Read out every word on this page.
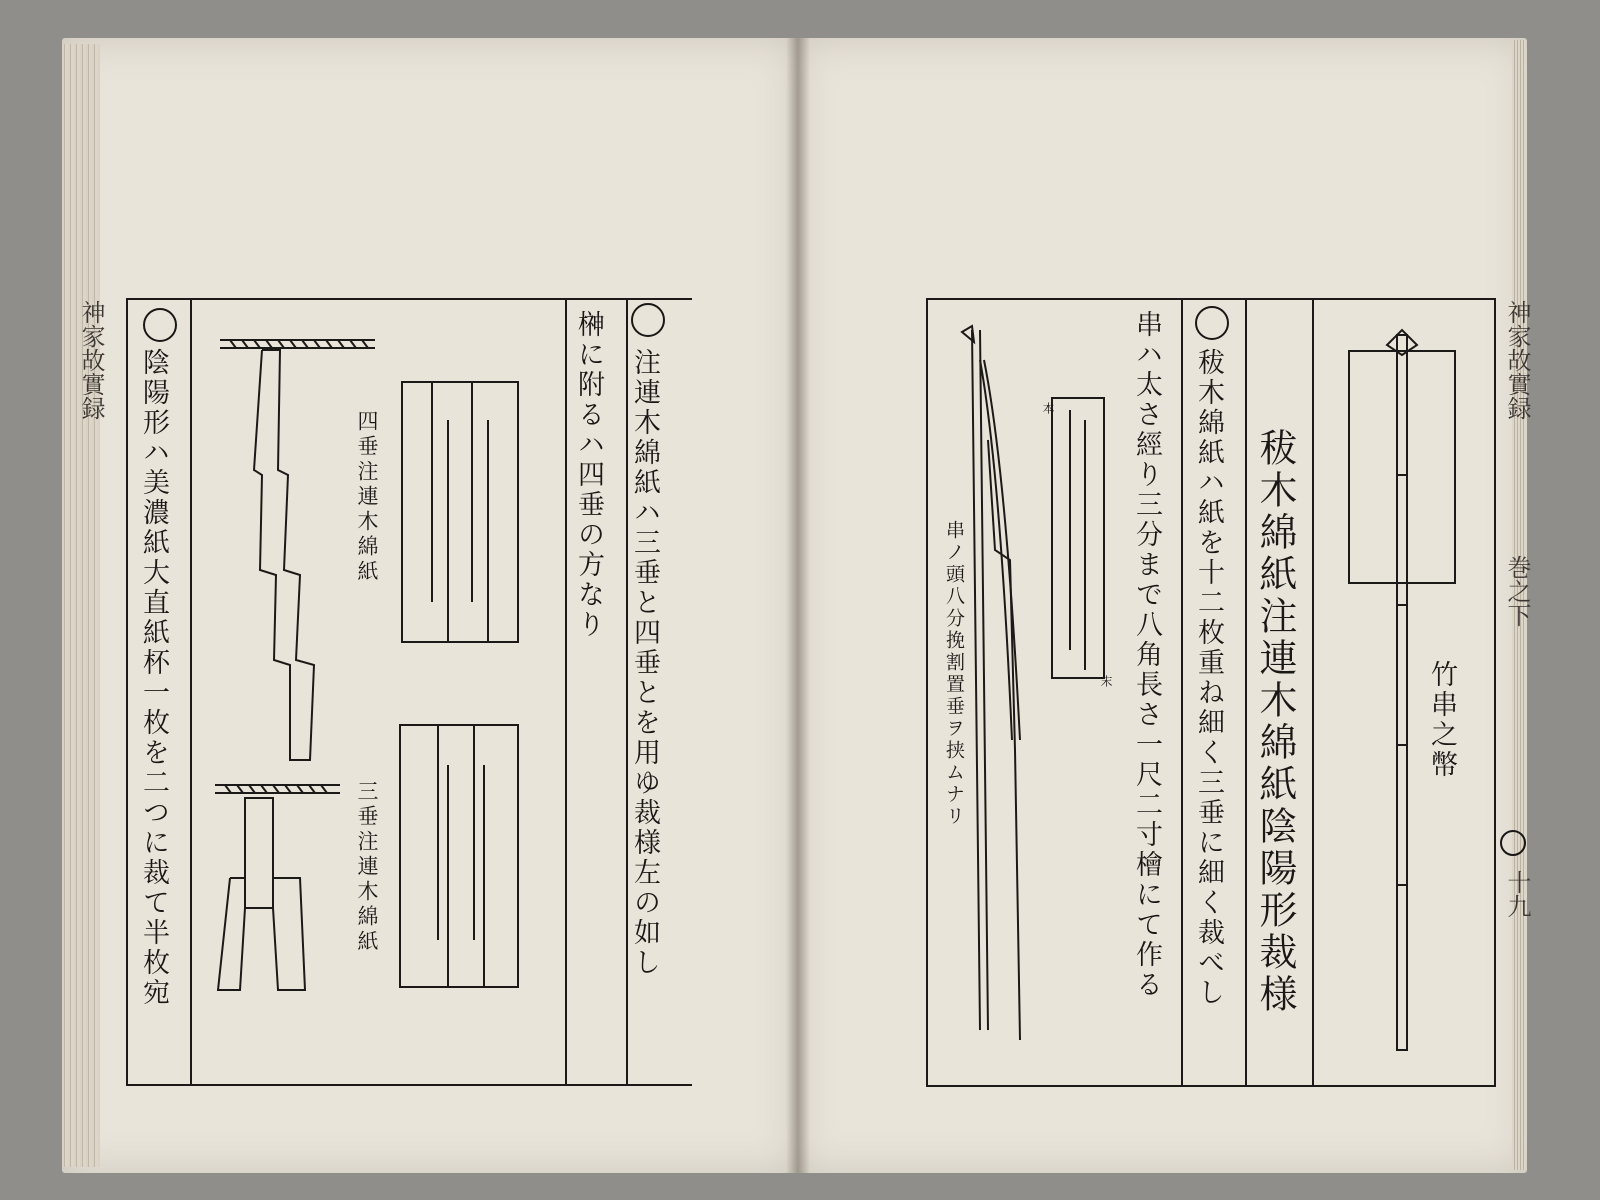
神家故實録 陰陽形ハ美濃紙大直紙杯一枚を二つに裁て半枚宛	四垂注連木綿紙
三垂注連木綿紙
榊に附るハ四垂の方なり 注連木綿紙ハ三垂と四垂とを用ゆ裁様左の如し	神家故實録
巻之下
十九
本
末
串ノ頭八分挽割置垂ヲ挟ムナリ	串ハ太さ經り三分まで八角長さ一尺二寸檜にて作る 秡木綿紙ハ紙を十二枚重ね細く三垂に細く裁べし 秡木綿紙注連木綿紙陰陽形裁様	竹串之幣
